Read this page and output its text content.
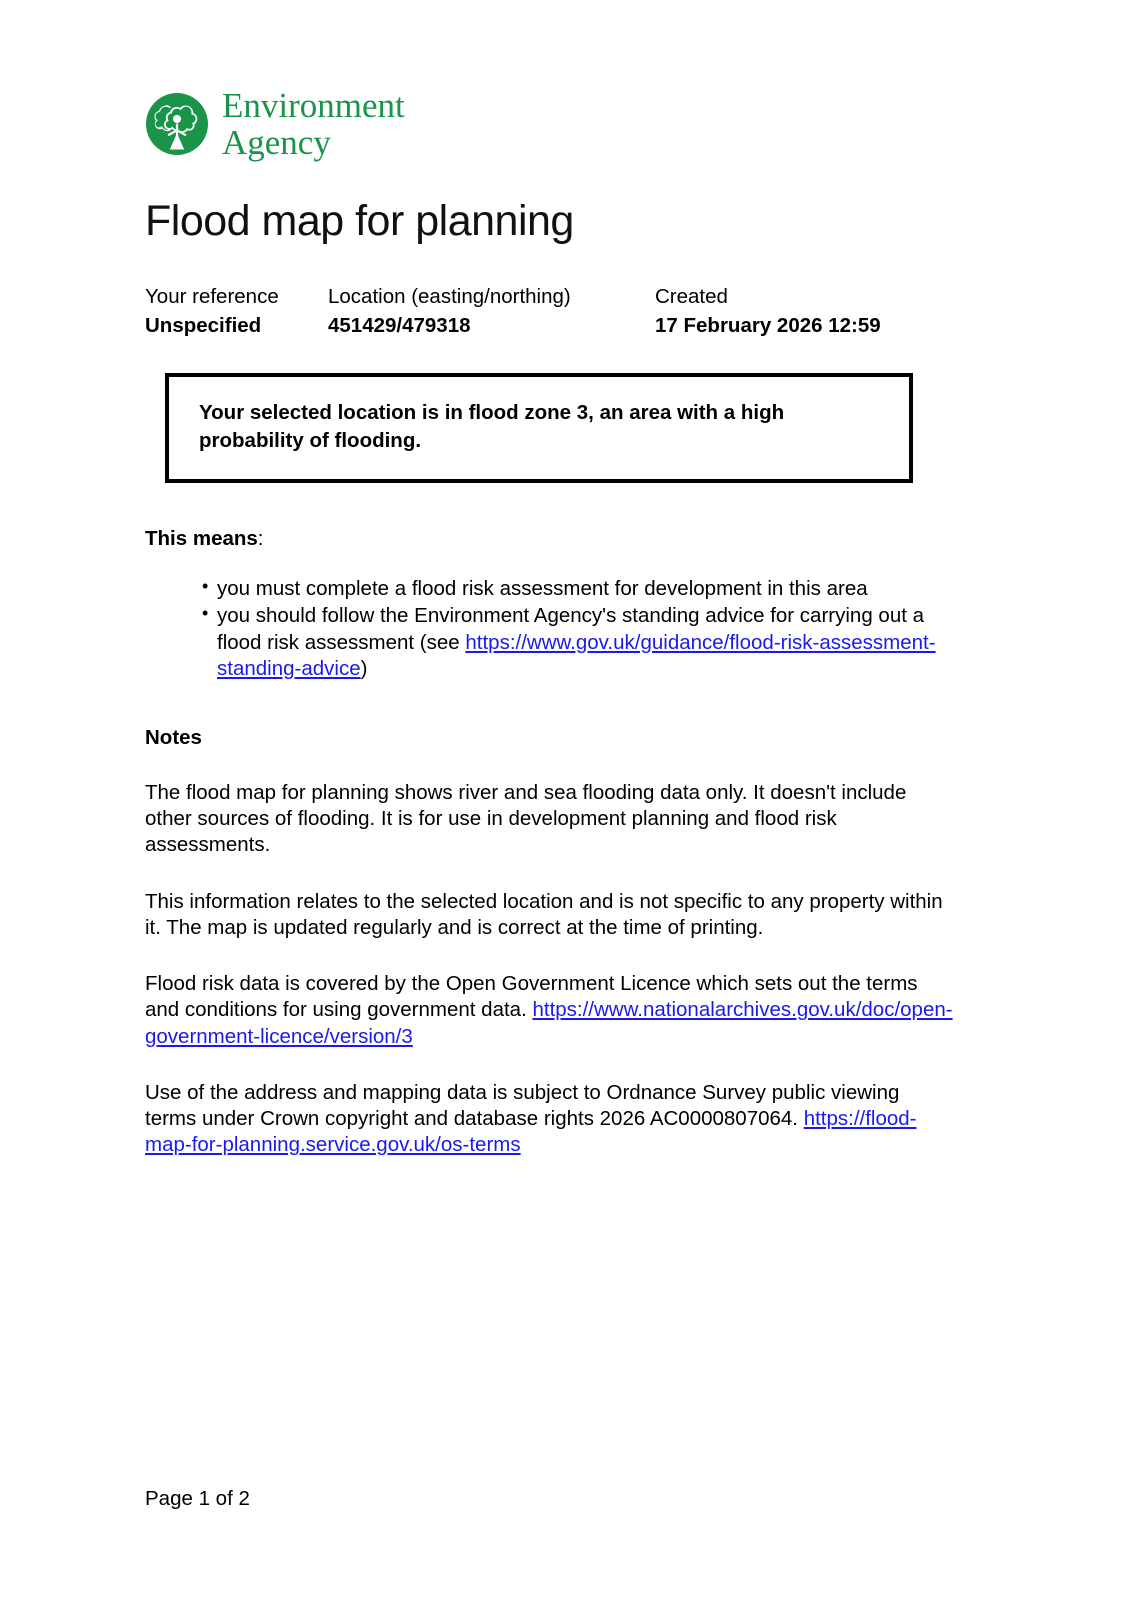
Environment
Agency
Flood map for planning
Your reference
Unspecified
Location (easting/northing)
451429/479318
Created
17 February 2026 12:59

Your selected location is in flood zone 3, an area with a high probability of flooding.

This means:
• you must complete a flood risk assessment for development in this area
• you should follow the Environment Agency's standing advice for carrying out a flood risk assessment (see https://www.gov.uk/guidance/flood-risk-assessment-standing-advice)
Notes

The flood map for planning shows river and sea flooding data only. It doesn't include other sources of flooding. It is for use in development planning and flood risk assessments.

This information relates to the selected location and is not specific to any property within it. The map is updated regularly and is correct at the time of printing.

Flood risk data is covered by the Open Government Licence which sets out the terms and conditions for using government data. https://www.nationalarchives.gov.uk/doc/open-government-licence/version/3

Use of the address and mapping data is subject to Ordnance Survey public viewing terms under Crown copyright and database rights 2026 AC0000807064. https://flood-map-for-planning.service.gov.uk/os-terms

Page 1 of 2
